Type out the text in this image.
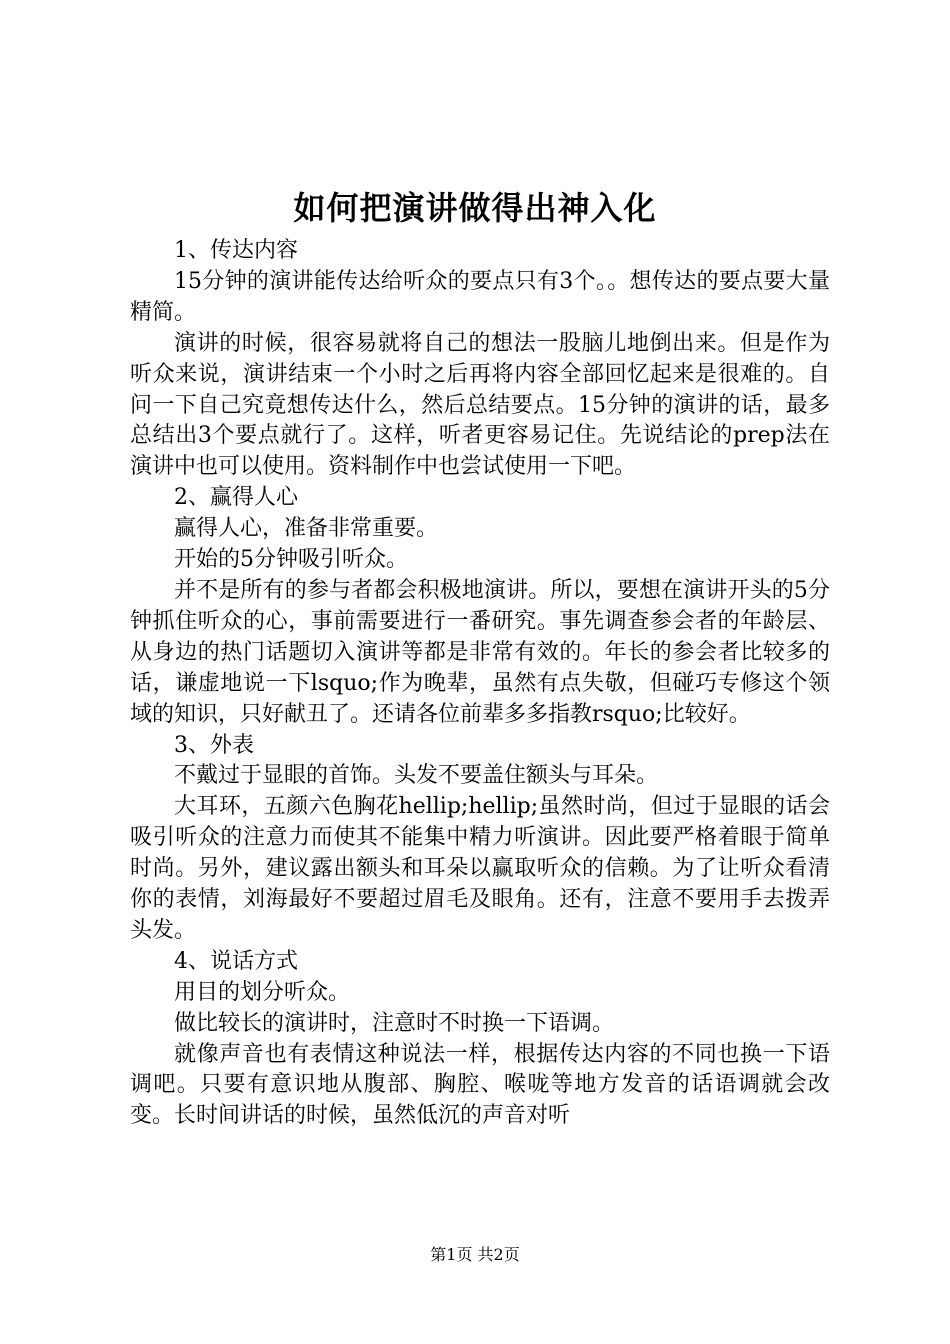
如何把演讲做得出神入化

1、传达内容

15分钟的演讲能传达给听众的要点只有3个。。想传达的要点要大量精简。

演讲的时候，很容易就将自己的想法一股脑儿地倒出来。但是作为听众来说，演讲结束一个小时之后再将内容全部回忆起来是很难的。自问一下自己究竟想传达什么，然后总结要点。15分钟的演讲的话，最多总结出3个要点就行了。这样，听者更容易记住。先说结论的prep法在演讲中也可以使用。资料制作中也尝试使用一下吧。

2、赢得人心

赢得人心，准备非常重要。

开始的5分钟吸引听众。

并不是所有的参与者都会积极地演讲。所以，要想在演讲开头的5分钟抓住听众的心，事前需要进行一番研究。事先调查参会者的年龄层、从身边的热门话题切入演讲等都是非常有效的。年长的参会者比较多的话，谦虚地说一下lsquo;作为晚辈，虽然有点失敬，但碰巧专修这个领域的知识，只好献丑了。还请各位前辈多多指教rsquo;比较好。

3、外表

不戴过于显眼的首饰。头发不要盖住额头与耳朵。

大耳环，五颜六色胸花hellip;hellip;虽然时尚，但过于显眼的话会吸引听众的注意力而使其不能集中精力听演讲。因此要严格着眼于简单时尚。另外，建议露出额头和耳朵以赢取听众的信赖。为了让听众看清你的表情，刘海最好不要超过眉毛及眼角。还有，注意不要用手去拨弄头发。

4、说话方式

用目的划分听众。

做比较长的演讲时，注意时不时换一下语调。

就像声音也有表情这种说法一样，根据传达内容的不同也换一下语调吧。只要有意识地从腹部、胸腔、喉咙等地方发音的话语调就会改变。长时间讲话的时候，虽然低沉的声音对听

第1页 共2页
